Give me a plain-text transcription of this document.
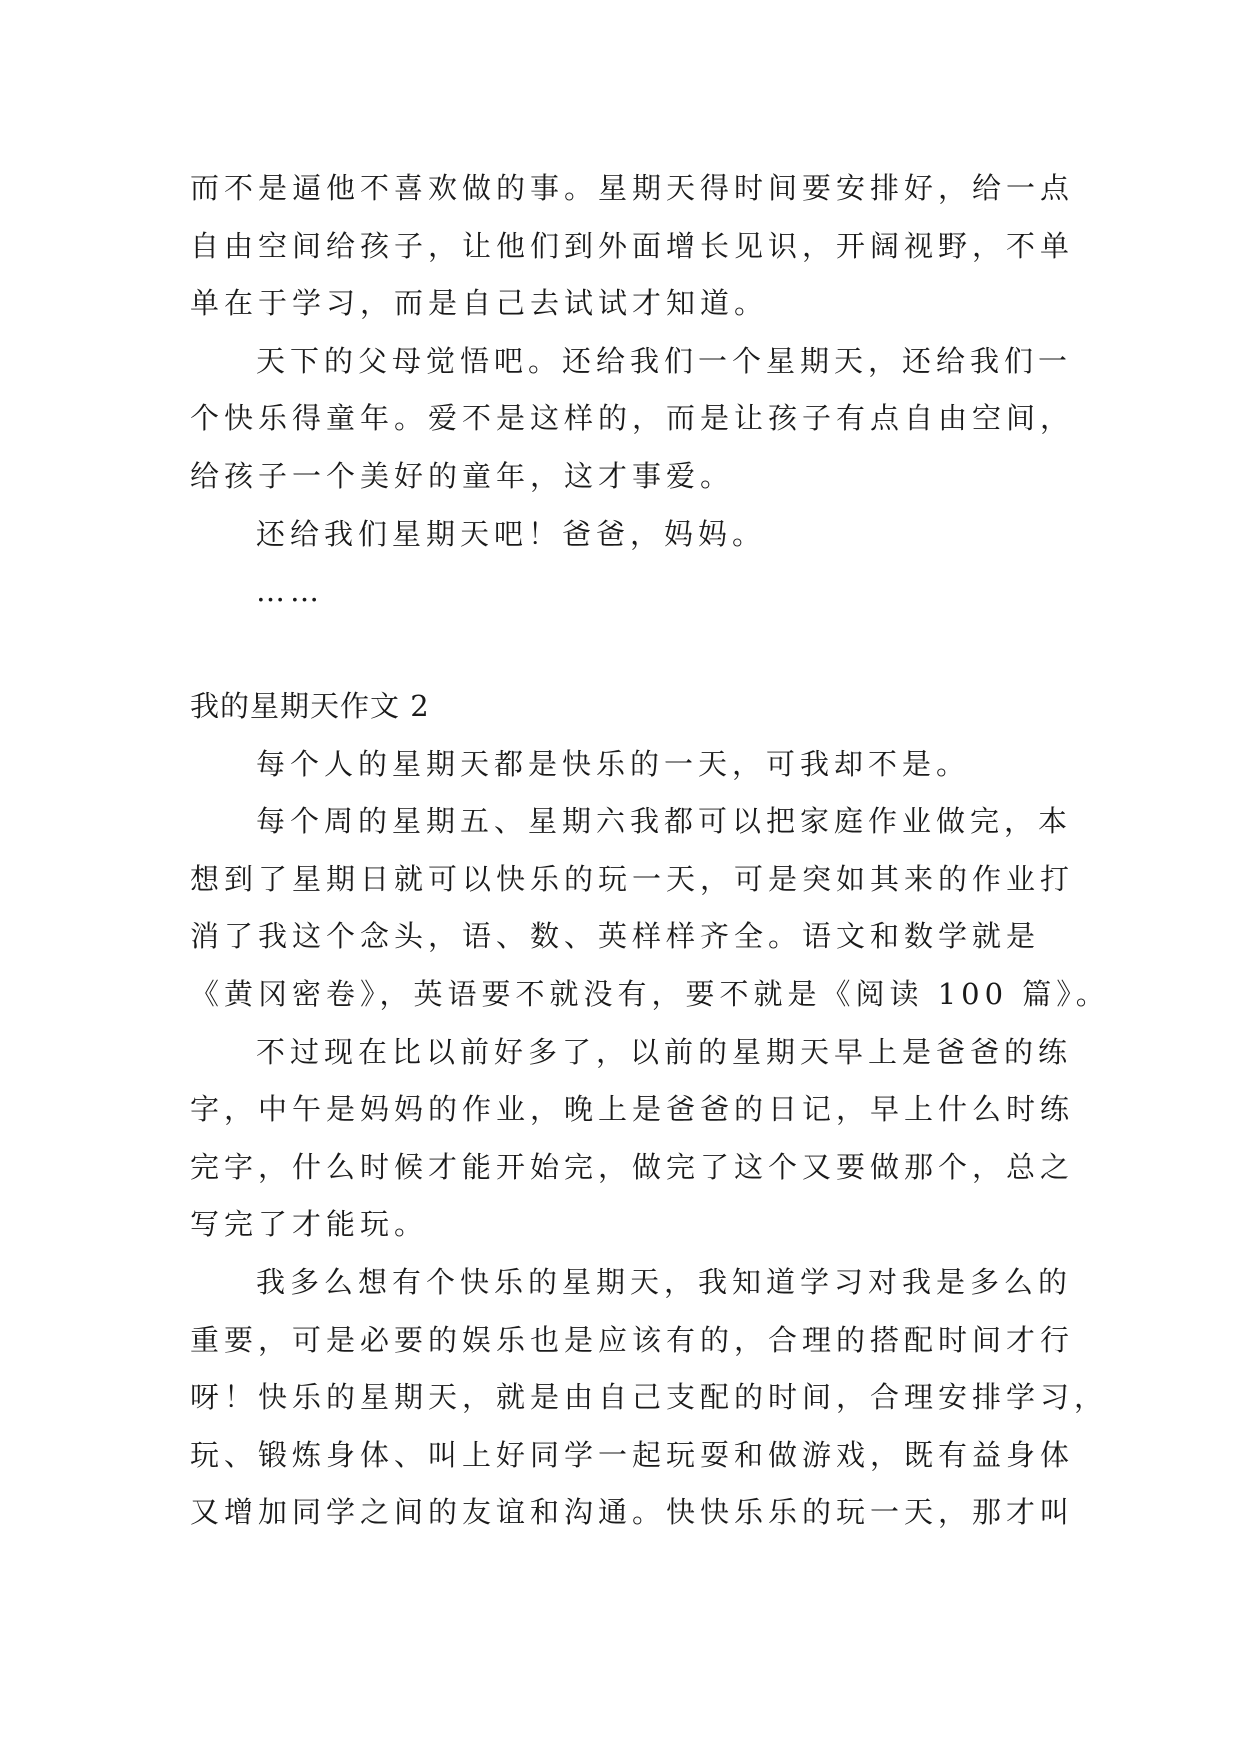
而不是逼他不喜欢做的事。星期天得时间要安排好，给一点
自由空间给孩子，让他们到外面增长见识，开阔视野，不单
单在于学习，而是自己去试试才知道。
天下的父母觉悟吧。还给我们一个星期天，还给我们一
个快乐得童年。爱不是这样的，而是让孩子有点自由空间，
给孩子一个美好的童年，这才事爱。
还给我们星期天吧！爸爸，妈妈。
……
我的星期天作文 2
每个人的星期天都是快乐的一天，可我却不是。
每个周的星期五、星期六我都可以把家庭作业做完，本
想到了星期日就可以快乐的玩一天，可是突如其来的作业打
消了我这个念头，语、数、英样样齐全。语文和数学就是
《黄冈密卷》，英语要不就没有，要不就是《阅读 100 篇》。
不过现在比以前好多了，以前的星期天早上是爸爸的练
字，中午是妈妈的作业，晚上是爸爸的日记，早上什么时练
完字，什么时候才能开始完，做完了这个又要做那个，总之
写完了才能玩。
我多么想有个快乐的星期天，我知道学习对我是多么的
重要，可是必要的娱乐也是应该有的，合理的搭配时间才行
呀！快乐的星期天，就是由自己支配的时间，合理安排学习，
玩、锻炼身体、叫上好同学一起玩耍和做游戏，既有益身体
又增加同学之间的友谊和沟通。快快乐乐的玩一天，那才叫
